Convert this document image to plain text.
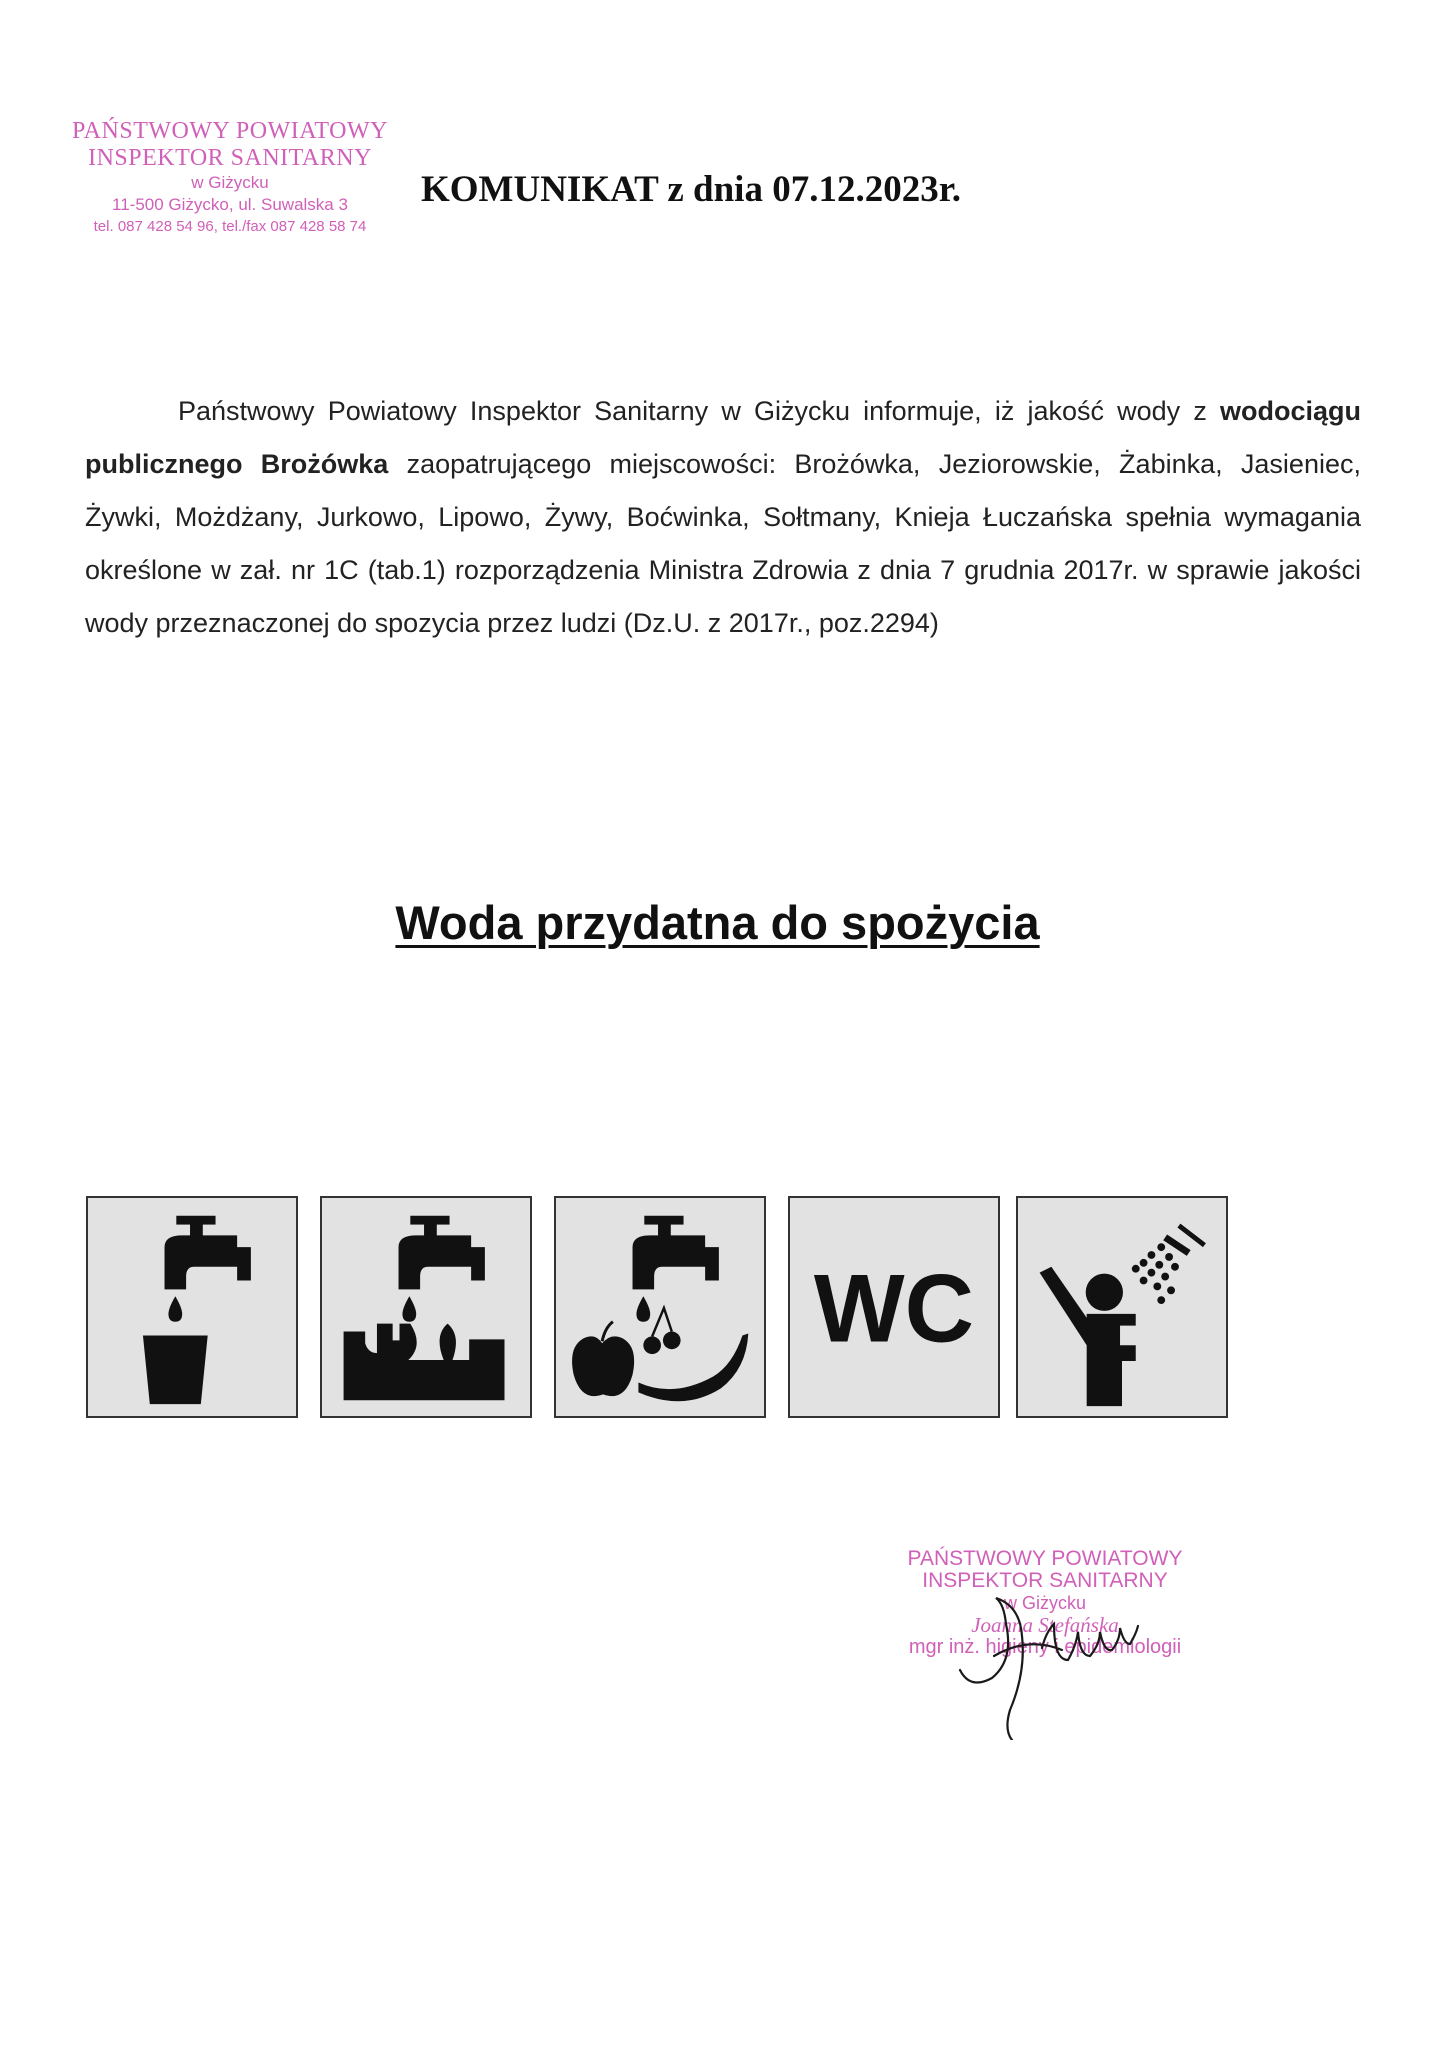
PAŃSTWOWY POWIATOWY
INSPEKTOR SANITARNY
w Giżycku
11-500 Giżycko, ul. Suwalska 3
tel. 087 428 54 96, tel./fax 087 428 58 74
KOMUNIKAT z dnia 07.12.2023r.
Państwowy Powiatowy Inspektor Sanitarny w Giżycku informuje, iż jakość wody z wodociągu publicznego Brożówka zaopatrującego miejscowości: Brożówka, Jeziorowskie, Żabinka, Jasieniec, Żywki, Możdżany, Jurkowo, Lipowo, Żywy, Boćwinka, Sołtmany, Knieja Łuczańska spełnia wymagania określone w zał. nr 1C (tab.1) rozporządzenia Ministra Zdrowia z dnia 7 grudnia 2017r. w sprawie jakości wody przeznaczonej do spozycia przez ludzi (Dz.U. z 2017r., poz.2294)
Woda przydatna do spożycia
WC
PAŃSTWOWY POWIATOWY
INSPEKTOR SANITARNY
w Giżycku
Joanna Stefańska
mgr inż. higieny i epidemiologii
